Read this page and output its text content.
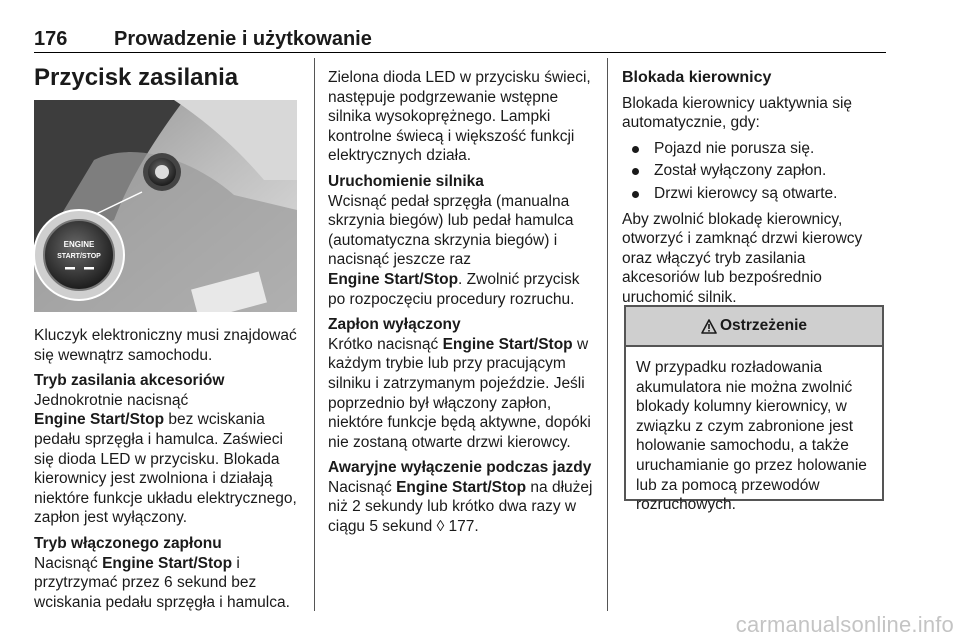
176 Prowadzenie i użytkowanie
Przycisk zasilania
ENGINE
START/STOP

Kluczyk elektroniczny musi znajdować się wewnątrz samochodu.

Tryb zasilania akcesoriów

Jednokrotnie nacisnąć
Engine Start/Stop bez wciskania pedału sprzęgła i hamulca. Zaświeci się dioda LED w przycisku. Blokada kierownicy jest zwolniona i działają niektóre funkcje układu elektrycznego, zapłon jest wyłączony.

Tryb włączonego zapłonu

Nacisnąć Engine Start/Stop i przytrzymać przez 6 sekund bez wciskania pedału sprzęgła i hamulca.

Zielona dioda LED w przycisku świeci, następuje podgrzewanie wstępne silnika wysokoprężnego. Lampki kontrolne świecą i większość funkcji elektrycznych działa.

Uruchomienie silnika

Wcisnąć pedał sprzęgła (manualna skrzynia biegów) lub pedał hamulca (automatyczna skrzynia biegów) i nacisnąć jeszcze raz
Engine Start/Stop. Zwolnić przycisk po rozpoczęciu procedury rozruchu.

Zapłon wyłączony

Krótko nacisnąć Engine Start/Stop w każdym trybie lub przy pracującym silniku i zatrzymanym pojeździe. Jeśli poprzednio był włączony zapłon, niektóre funkcje będą aktywne, dopóki nie zostaną otwarte drzwi kierowcy.

Awaryjne wyłączenie podczas jazdy

Nacisnąć Engine Start/Stop na dłużej niż 2 sekundy lub krótko dwa razy w ciągu 5 sekund ◊ 177.

Blokada kierownicy

Blokada kierownicy uaktywnia się automatycznie, gdy:

Pojazd nie porusza się.
Został wyłączony zapłon.
Drzwi kierowcy są otwarte.

Aby zwolnić blokadę kierownicy, otworzyć i zamknąć drzwi kierowcy oraz włączyć tryb zasilania akcesoriów lub bezpośrednio uruchomić silnik.

Ostrzeżenie
W przypadku rozładowania akumulatora nie można zwolnić blokady kolumny kierownicy, w związku z czym zabronione jest holowanie samochodu, a także uruchamianie go przez holowanie lub za pomocą przewodów rozruchowych.
carmanualsonline.info
